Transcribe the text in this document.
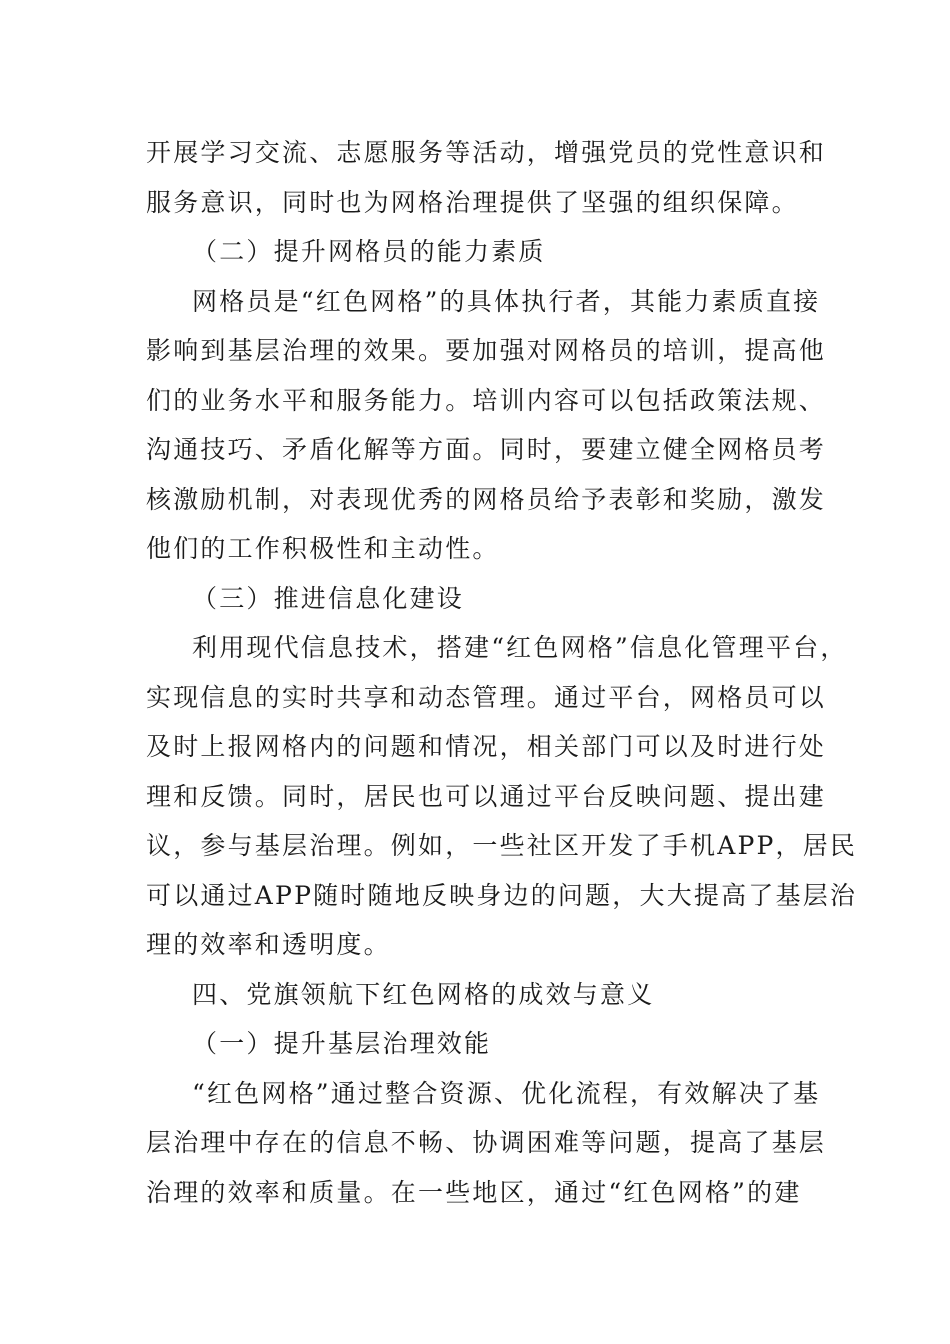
开展学习交流、志愿服务等活动，增强党员的党性意识和
服务意识，同时也为网格治理提供了坚强的组织保障。
（二）提升网格员的能力素质
网格员是“红色网格”的具体执行者，其能力素质直接
影响到基层治理的效果。要加强对网格员的培训，提高他
们的业务水平和服务能力。培训内容可以包括政策法规、
沟通技巧、矛盾化解等方面。同时，要建立健全网格员考
核激励机制，对表现优秀的网格员给予表彰和奖励，激发
他们的工作积极性和主动性。
（三）推进信息化建设
利用现代信息技术，搭建“红色网格”信息化管理平台，
实现信息的实时共享和动态管理。通过平台，网格员可以
及时上报网格内的问题和情况，相关部门可以及时进行处
理和反馈。同时，居民也可以通过平台反映问题、提出建
议，参与基层治理。例如，一些社区开发了手机APP，居民
可以通过APP随时随地反映身边的问题，大大提高了基层治
理的效率和透明度。
四、党旗领航下红色网格的成效与意义
（一）提升基层治理效能
“红色网格”通过整合资源、优化流程，有效解决了基
层治理中存在的信息不畅、协调困难等问题，提高了基层
治理的效率和质量。在一些地区，通过“红色网格”的建
